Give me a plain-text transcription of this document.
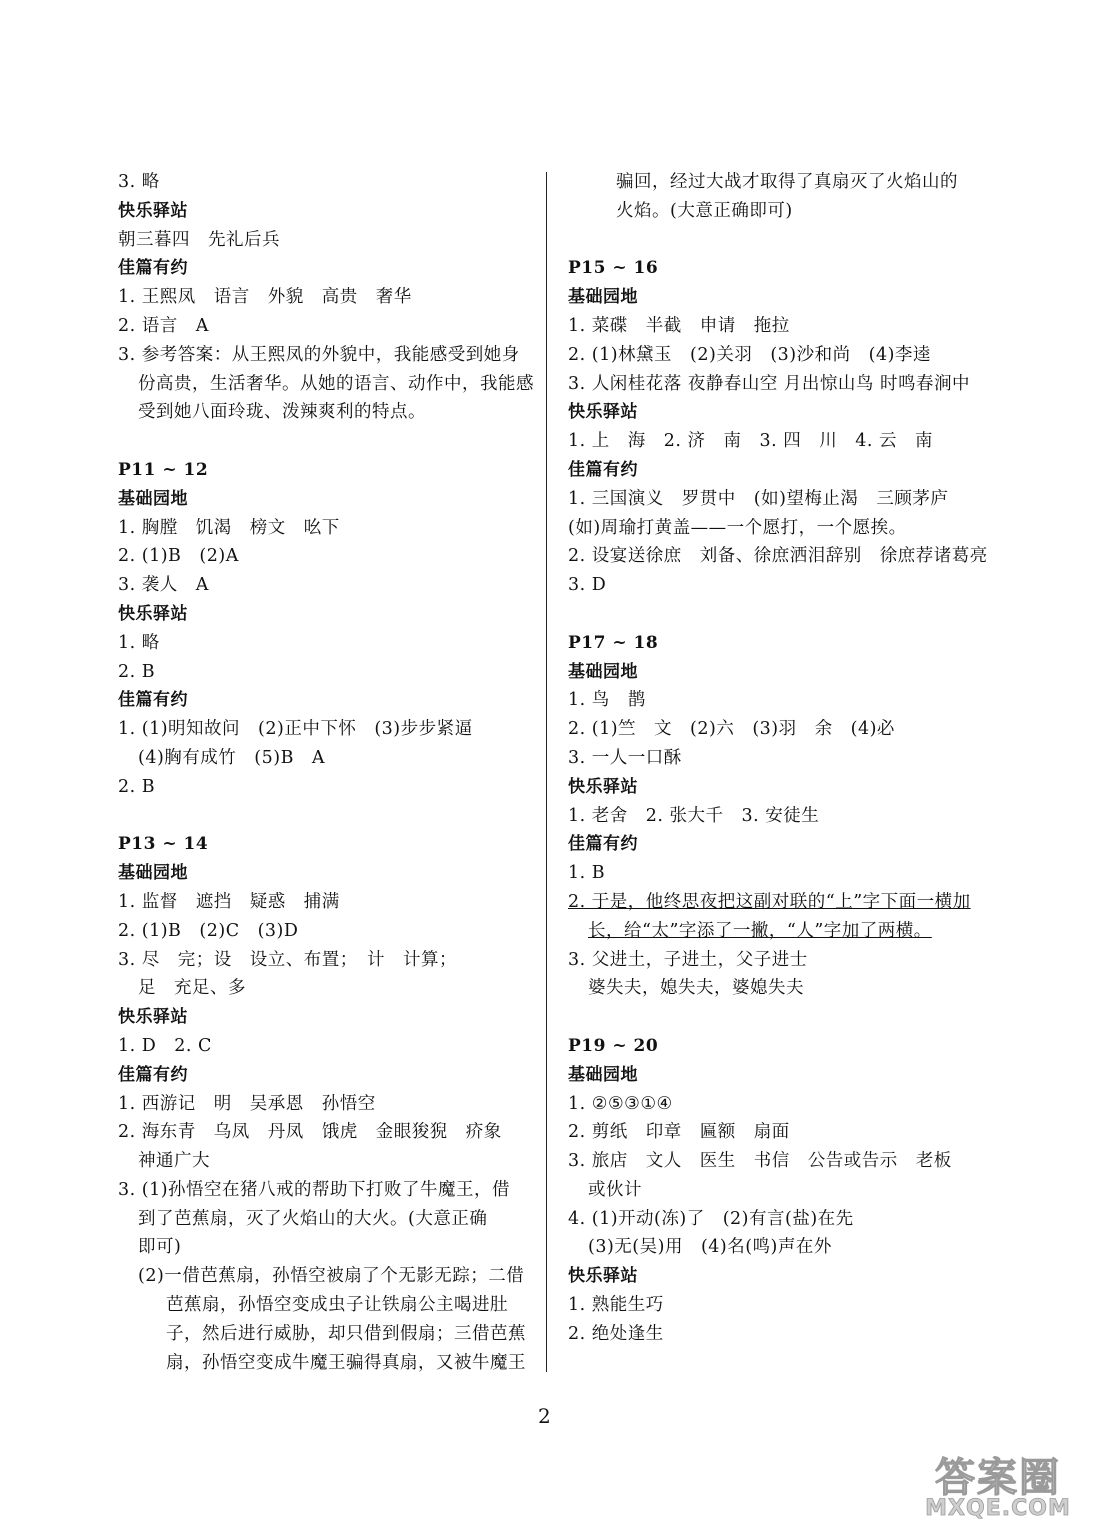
3. 略
快乐驿站
朝三暮四　先礼后兵
佳篇有约
1. 王熙凤　语言　外貌　高贵　奢华
2. 语言　A
3. 参考答案：从王熙凤的外貌中，我能感受到她身
份高贵，生活奢华。从她的语言、动作中，我能感
受到她八面玲珑、泼辣爽利的特点。
P11 ~ 12
基础园地
1. 胸膛　饥渴　榜文　吆下
2. (1)B　(2)A
3. 袭人　A
快乐驿站
1. 略
2. B
佳篇有约
1. (1)明知故问　(2)正中下怀　(3)步步紧逼
(4)胸有成竹　(5)B　A
2. B
P13 ~ 14
基础园地
1. 监督　遮挡　疑惑　捕满
2. (1)B　(2)C　(3)D
3. 尽　完；设　设立、布置；　计　计算；
足　充足、多
快乐驿站
1. D　2. C
佳篇有约
1. 西游记　明　吴承恩　孙悟空
2. 海东青　乌凤　丹凤　饿虎　金眼狻猊　疥象
神通广大
3. (1)孙悟空在猪八戒的帮助下打败了牛魔王，借
到了芭蕉扇，灭了火焰山的大火。(大意正确
即可)
(2)一借芭蕉扇，孙悟空被扇了个无影无踪；二借
芭蕉扇，孙悟空变成虫子让铁扇公主喝进肚
子，然后进行威胁，却只借到假扇；三借芭蕉
扇，孙悟空变成牛魔王骗得真扇，又被牛魔王
骗回，经过大战才取得了真扇灭了火焰山的
火焰。(大意正确即可)
P15 ~ 16
基础园地
1. 菜碟　半截　申请　拖拉
2. (1)林黛玉　(2)关羽　(3)沙和尚　(4)李逵
3. 人闲桂花落 夜静春山空 月出惊山鸟 时鸣春涧中
快乐驿站
1. 上　海　2. 济　南　3. 四　川　4. 云　南
佳篇有约
1. 三国演义　罗贯中　(如)望梅止渴　三顾茅庐
(如)周瑜打黄盖——一个愿打，一个愿挨。
2. 设宴送徐庶　刘备、徐庶洒泪辞别　徐庶荐诸葛亮
3. D
P17 ~ 18
基础园地
1. 鸟　鹊
2. (1)竺　文　(2)六　(3)羽　余　(4)必
3. 一人一口酥
快乐驿站
1. 老舍　2. 张大千　3. 安徒生
佳篇有约
1. B
2. 于是，他终思夜把这副对联的“上”字下面一横加
长，给“太”字添了一撇，“人”字加了两横。
3. 父进土，子进土，父子进士
婆失夫，媳失夫，婆媳失夫
P19 ~ 20
基础园地
1. ②⑤③①④
2. 剪纸　印章　匾额　扇面
3. 旅店　文人　医生　书信　公告或告示　老板
或伙计
4. (1)开动(冻)了　(2)有言(盐)在先
(3)无(吴)用　(4)名(鸣)声在外
快乐驿站
1. 熟能生巧
2. 绝处逢生
2
答案圈
MXQE.COM
